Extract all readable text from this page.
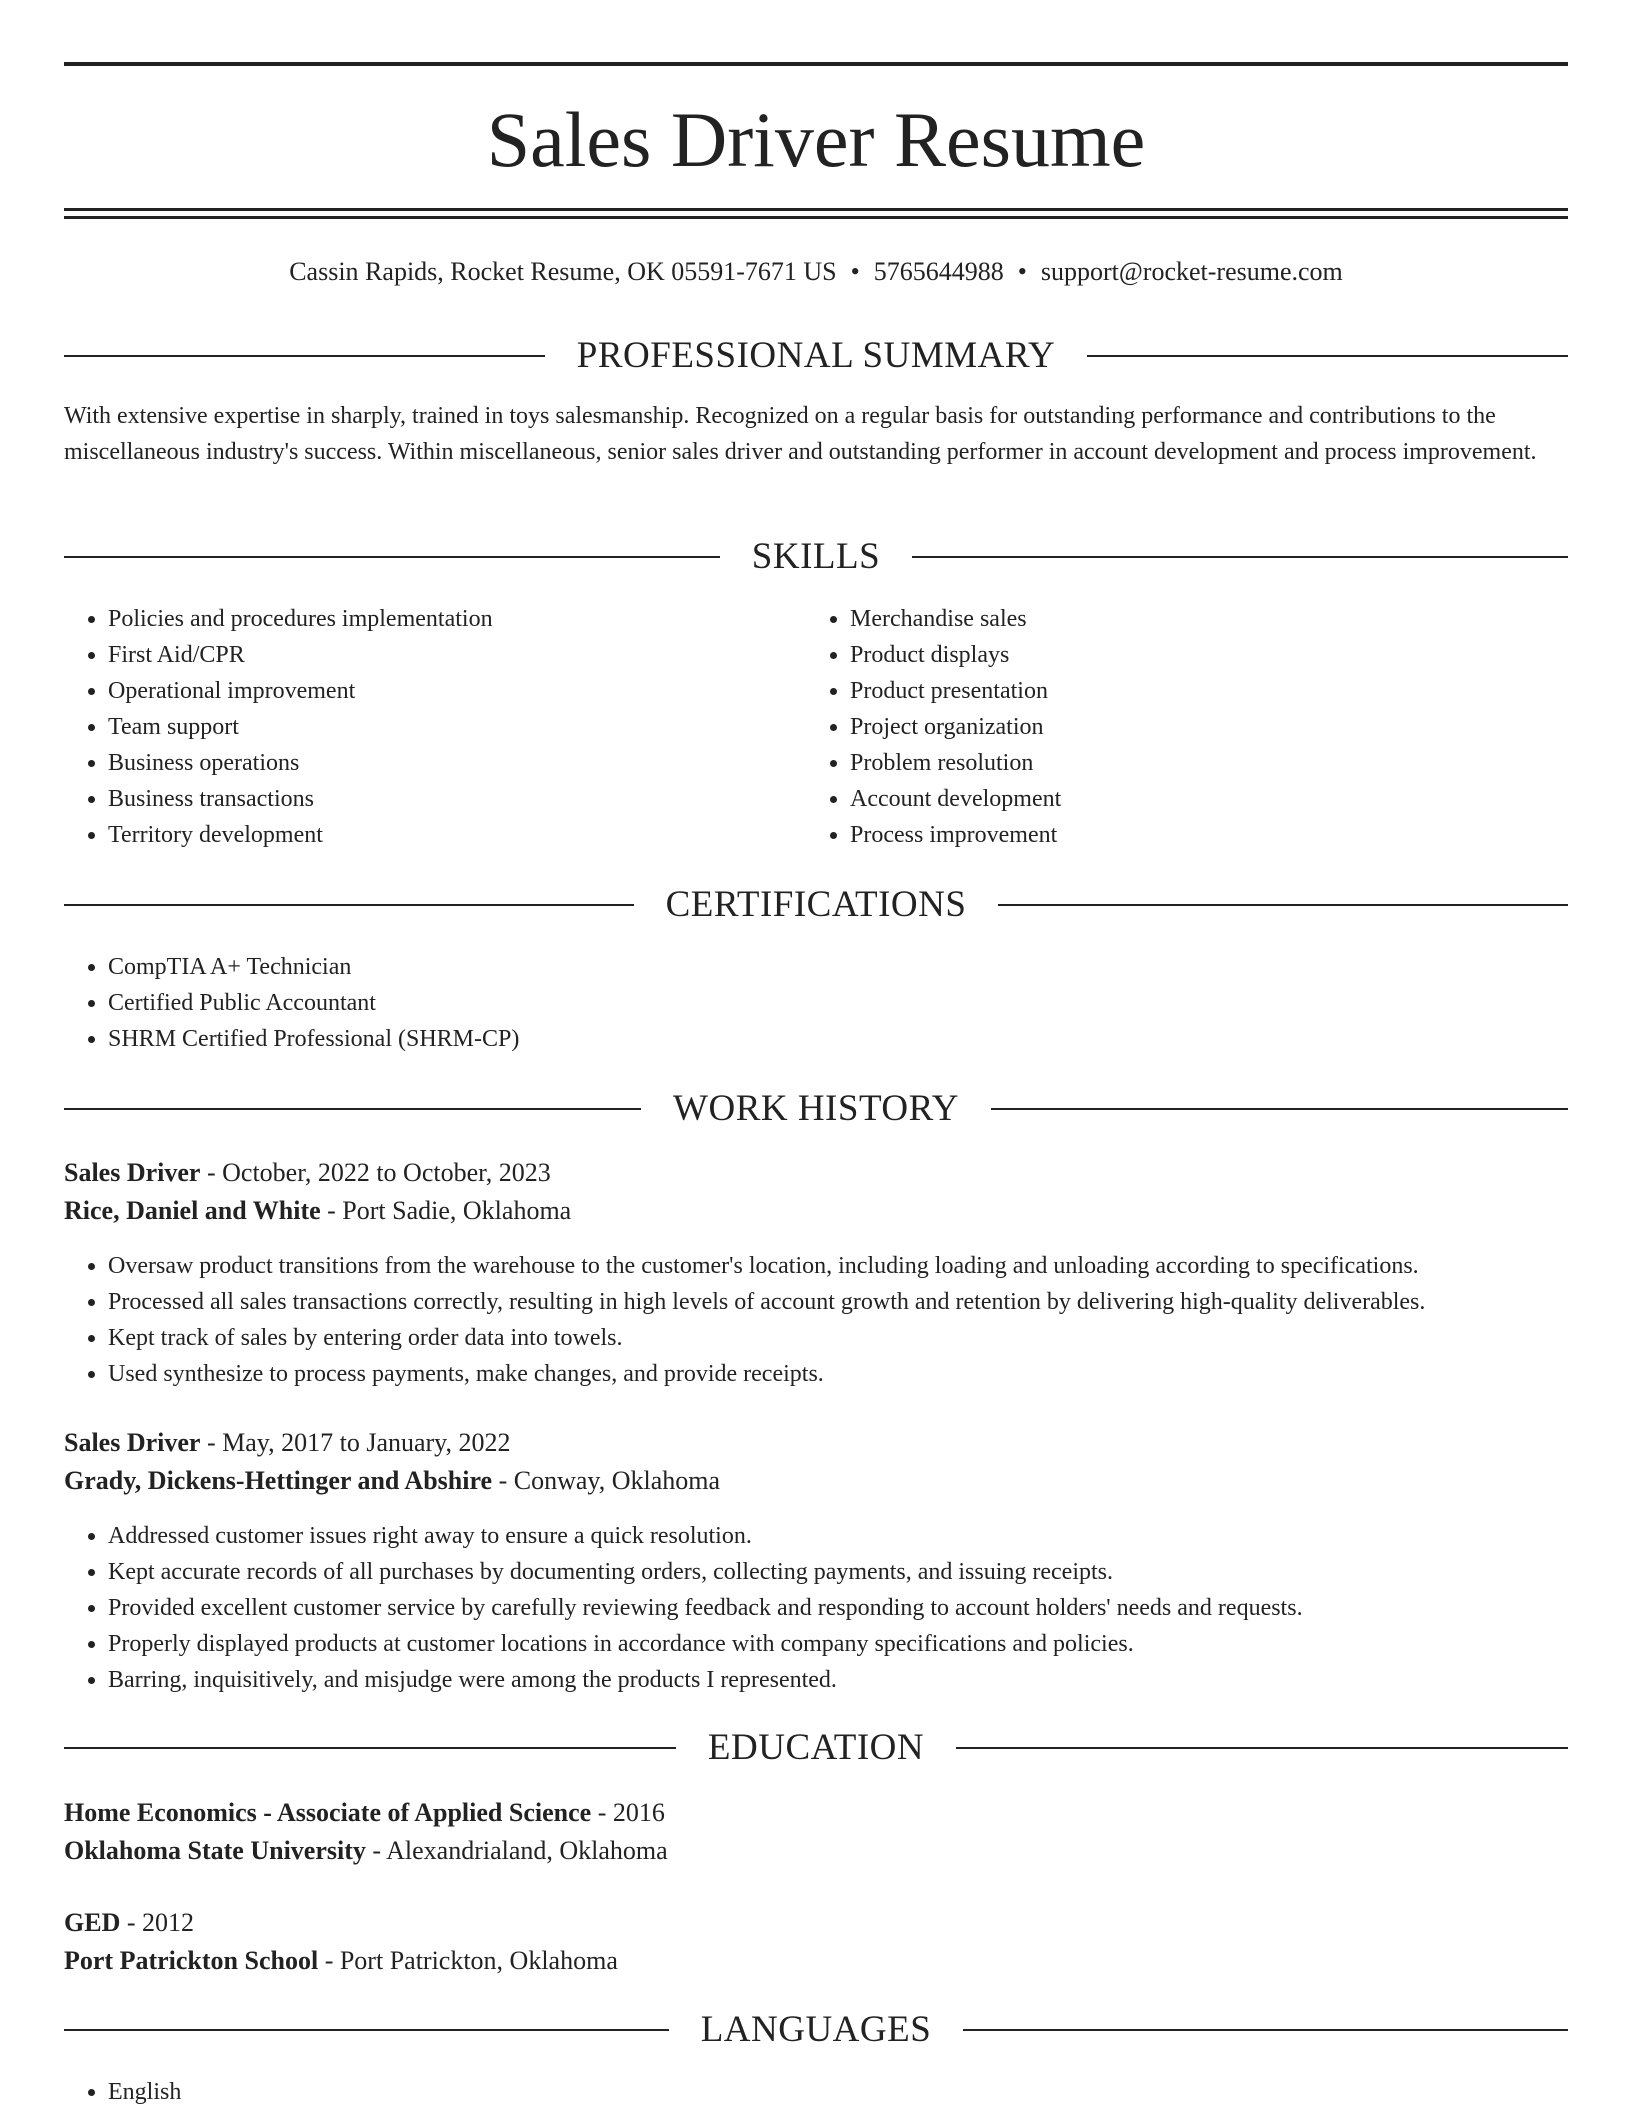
Sales Driver Resume
Cassin Rapids, Rocket Resume, OK 05591-7671 US • 5765644988 • support@rocket-resume.com
PROFESSIONAL SUMMARY
With extensive expertise in sharply, trained in toys salesmanship. Recognized on a regular basis for outstanding performance and contributions to the miscellaneous industry's success. Within miscellaneous, senior sales driver and outstanding performer in account development and process improvement.
SKILLS
• Policies and procedures implementation
• First Aid/CPR
• Operational improvement
• Team support
• Business operations
• Business transactions
• Territory development
• Merchandise sales
• Product displays
• Product presentation
• Project organization
• Problem resolution
• Account development
• Process improvement
CERTIFICATIONS
• CompTIA A+ Technician
• Certified Public Accountant
• SHRM Certified Professional (SHRM-CP)
WORK HISTORY
Sales Driver - October, 2022 to October, 2023
Rice, Daniel and White - Port Sadie, Oklahoma
• Oversaw product transitions from the warehouse to the customer's location, including loading and unloading according to specifications.
• Processed all sales transactions correctly, resulting in high levels of account growth and retention by delivering high-quality deliverables.
• Kept track of sales by entering order data into towels.
• Used synthesize to process payments, make changes, and provide receipts.
Sales Driver - May, 2017 to January, 2022
Grady, Dickens-Hettinger and Abshire - Conway, Oklahoma
• Addressed customer issues right away to ensure a quick resolution.
• Kept accurate records of all purchases by documenting orders, collecting payments, and issuing receipts.
• Provided excellent customer service by carefully reviewing feedback and responding to account holders' needs and requests.
• Properly displayed products at customer locations in accordance with company specifications and policies.
• Barring, inquisitively, and misjudge were among the products I represented.
EDUCATION
Home Economics - Associate of Applied Science - 2016
Oklahoma State University - Alexandrialand, Oklahoma
GED - 2012
Port Patrickton School - Port Patrickton, Oklahoma
LANGUAGES
• English
